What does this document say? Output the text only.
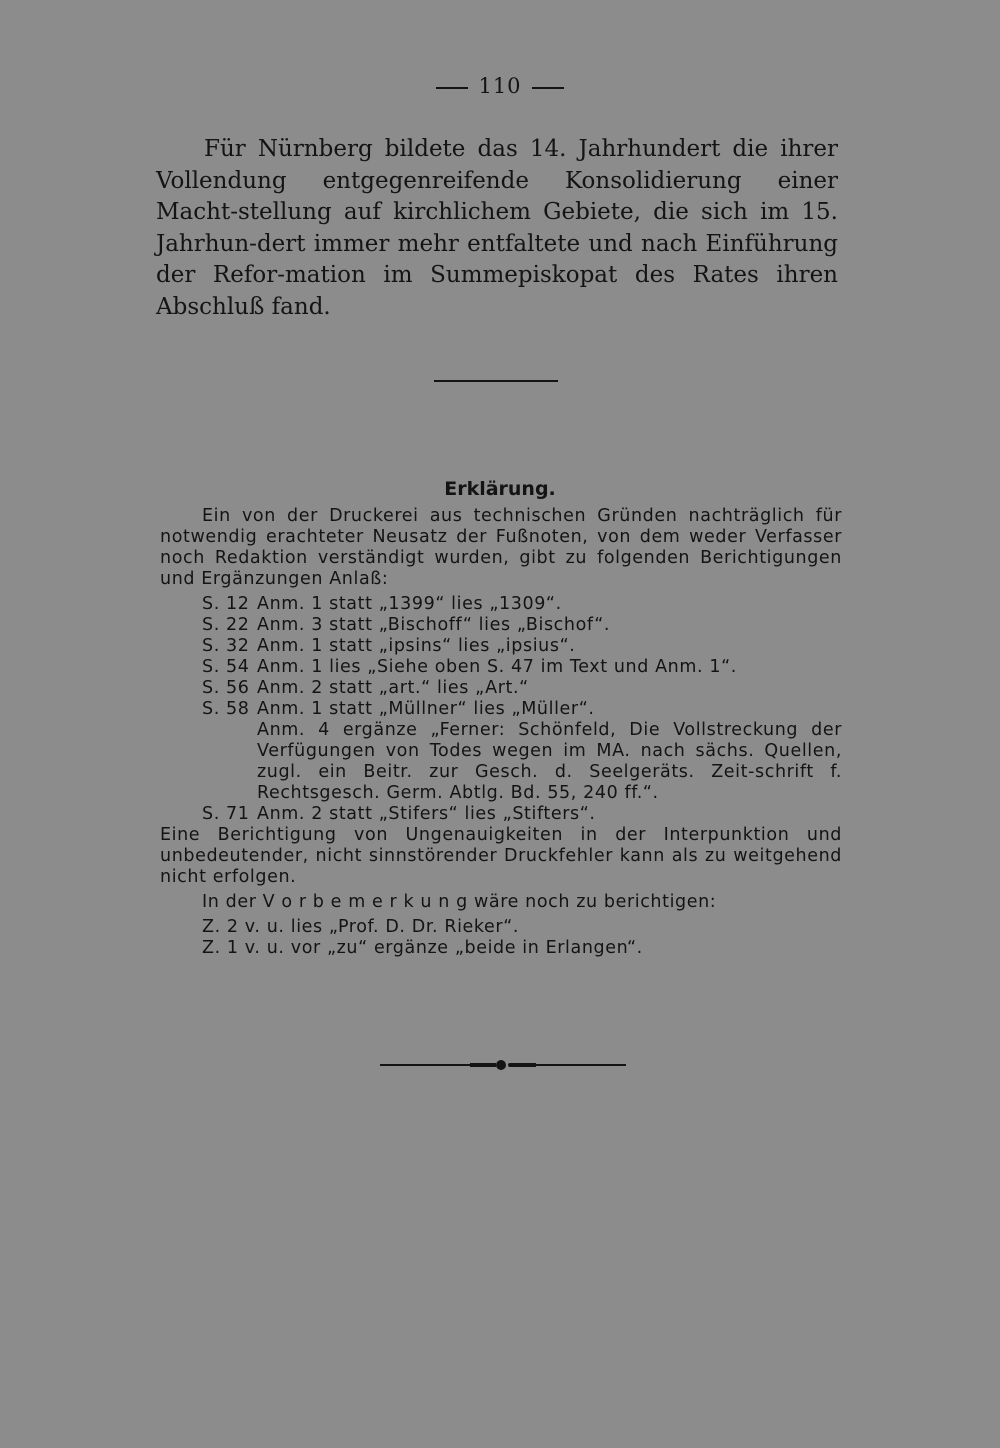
110
Für Nürnberg bildete das 14. Jahrhundert die ihrer Vollendung entgegenreifende Konsolidierung einer Macht-stellung auf kirchlichem Gebiete, die sich im 15. Jahrhun-dert immer mehr entfaltete und nach Einführung der Refor-mation im Summepiskopat des Rates ihren Abschluß fand.
Erklärung.
Ein von der Druckerei aus technischen Gründen nachträglich für notwendig erachteter Neusatz der Fußnoten, von dem weder Verfasser noch Redaktion verständigt wurden, gibt zu folgenden Berichtigungen und Ergänzungen Anlaß:
S. 12 Anm. 1 statt „1399“ lies „1309“.
S. 22 Anm. 3 statt „Bischoff“ lies „Bischof“.
S. 32 Anm. 1 statt „ipsins“ lies „ipsius“.
S. 54 Anm. 1 lies „Siehe oben S. 47 im Text und Anm. 1“.
S. 56 Anm. 2 statt „art.“ lies „Art.“
S. 58 Anm. 1 statt „Müllner“ lies „Müller“.
Anm. 4 ergänze „Ferner: Schönfeld, Die Vollstreckung der Verfügungen von Todes wegen im MA. nach sächs. Quellen, zugl. ein Beitr. zur Gesch. d. Seelgeräts. Zeit-schrift f. Rechtsgesch. Germ. Abtlg. Bd. 55, 240 ff.“.
S. 71 Anm. 2 statt „Stifers“ lies „Stifters“.
Eine Berichtigung von Ungenauigkeiten in der Interpunktion und unbedeutender, nicht sinnstörender Druckfehler kann als zu weitgehend nicht erfolgen.
In der V o r b e m e r k u n g wäre noch zu berichtigen:
Z. 2 v. u. lies „Prof. D. Dr. Rieker“.
Z. 1 v. u. vor „zu“ ergänze „beide in Erlangen“.
